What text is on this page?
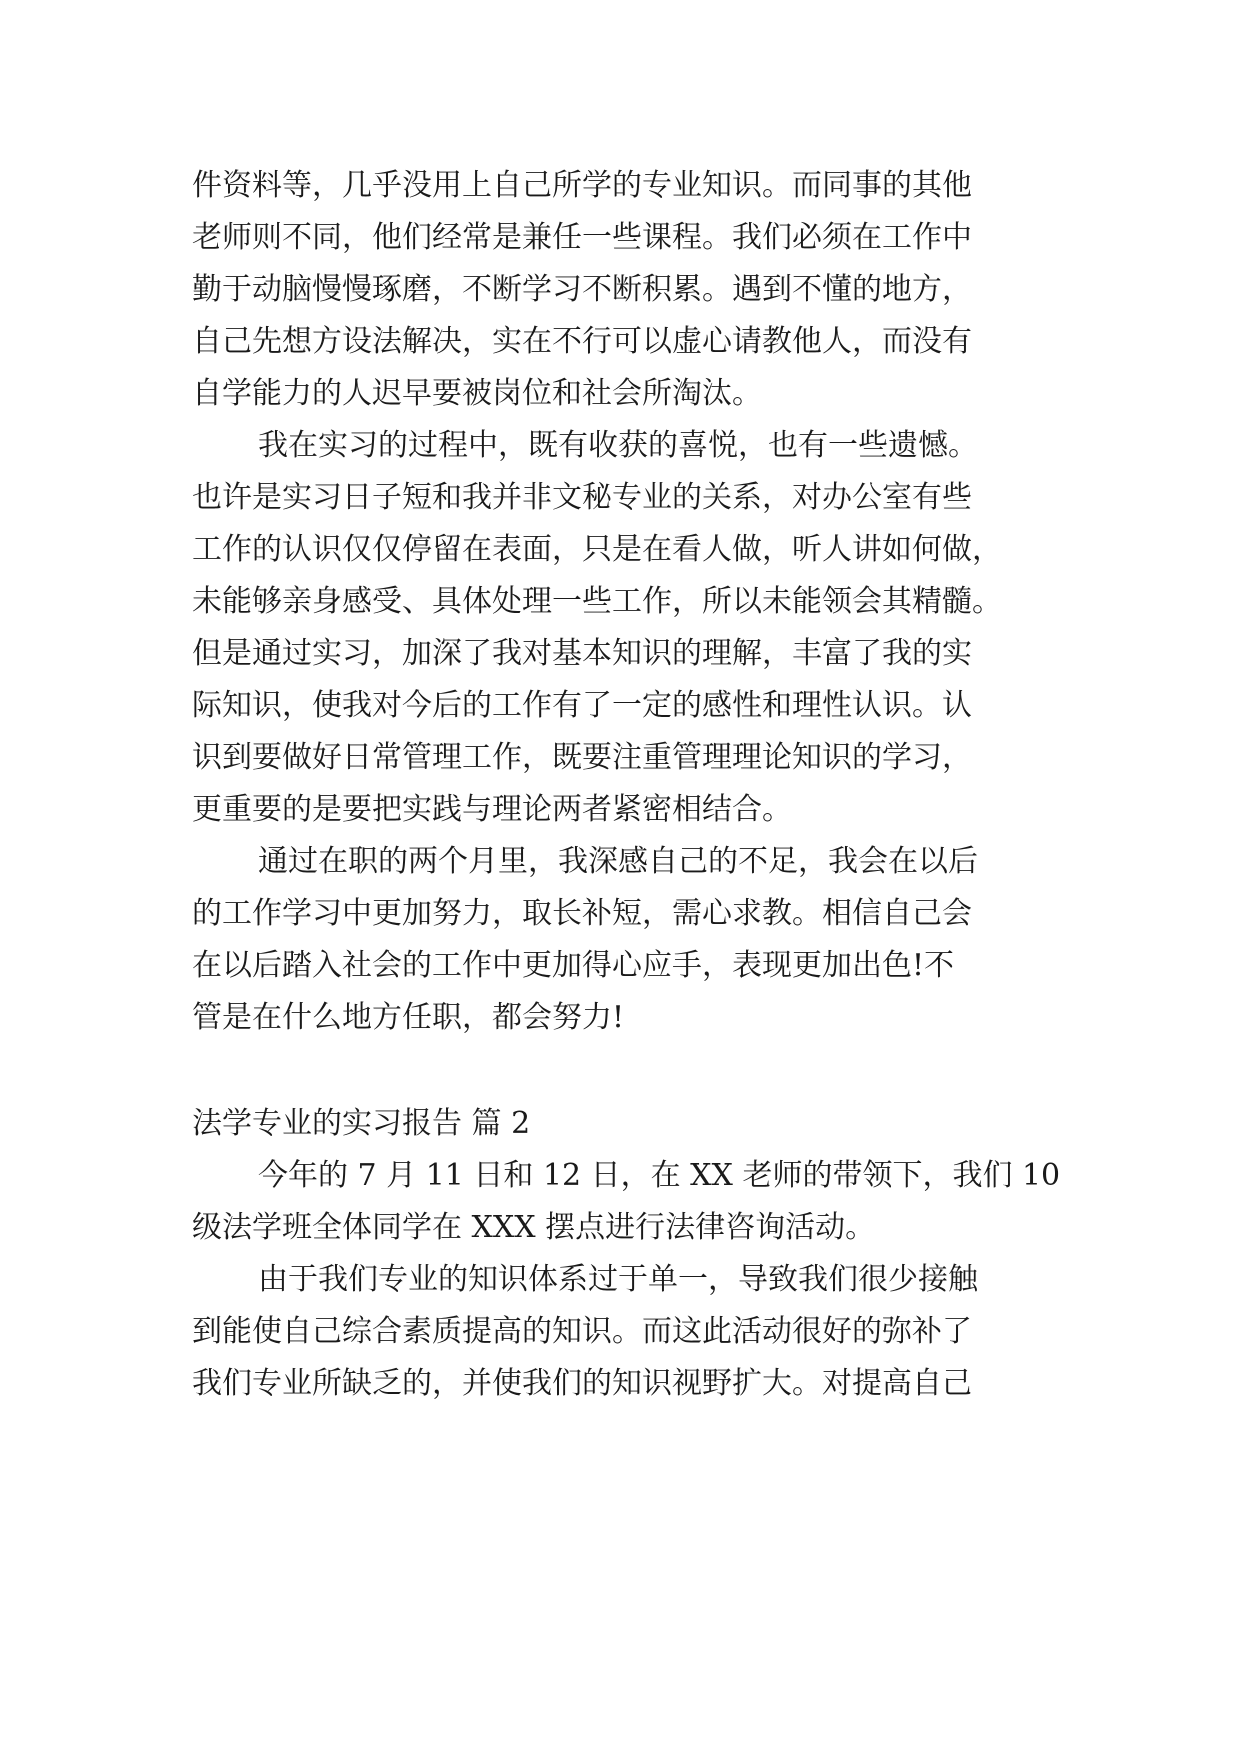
件资料等，几乎没用上自己所学的专业知识。而同事的其他
老师则不同，他们经常是兼任一些课程。我们必须在工作中
勤于动脑慢慢琢磨，不断学习不断积累。遇到不懂的地方，
自己先想方设法解决，实在不行可以虚心请教他人，而没有
自学能力的人迟早要被岗位和社会所淘汰。
我在实习的过程中，既有收获的喜悦，也有一些遗憾。
也许是实习日子短和我并非文秘专业的关系，对办公室有些
工作的认识仅仅停留在表面，只是在看人做，听人讲如何做，
未能够亲身感受、具体处理一些工作，所以未能领会其精髓。
但是通过实习，加深了我对基本知识的理解，丰富了我的实
际知识，使我对今后的工作有了一定的感性和理性认识。认
识到要做好日常管理工作，既要注重管理理论知识的学习，
更重要的是要把实践与理论两者紧密相结合。
通过在职的两个月里，我深感自己的不足，我会在以后
的工作学习中更加努力，取长补短，需心求教。相信自己会
在以后踏入社会的工作中更加得心应手，表现更加出色!不
管是在什么地方任职，都会努力!
法学专业的实习报告 篇 2
今年的 7 月 11 日和 12 日，在 XX 老师的带领下，我们 10
级法学班全体同学在 XXX 摆点进行法律咨询活动。
由于我们专业的知识体系过于单一，导致我们很少接触
到能使自己综合素质提高的知识。而这此活动很好的弥补了
我们专业所缺乏的，并使我们的知识视野扩大。对提高自己
